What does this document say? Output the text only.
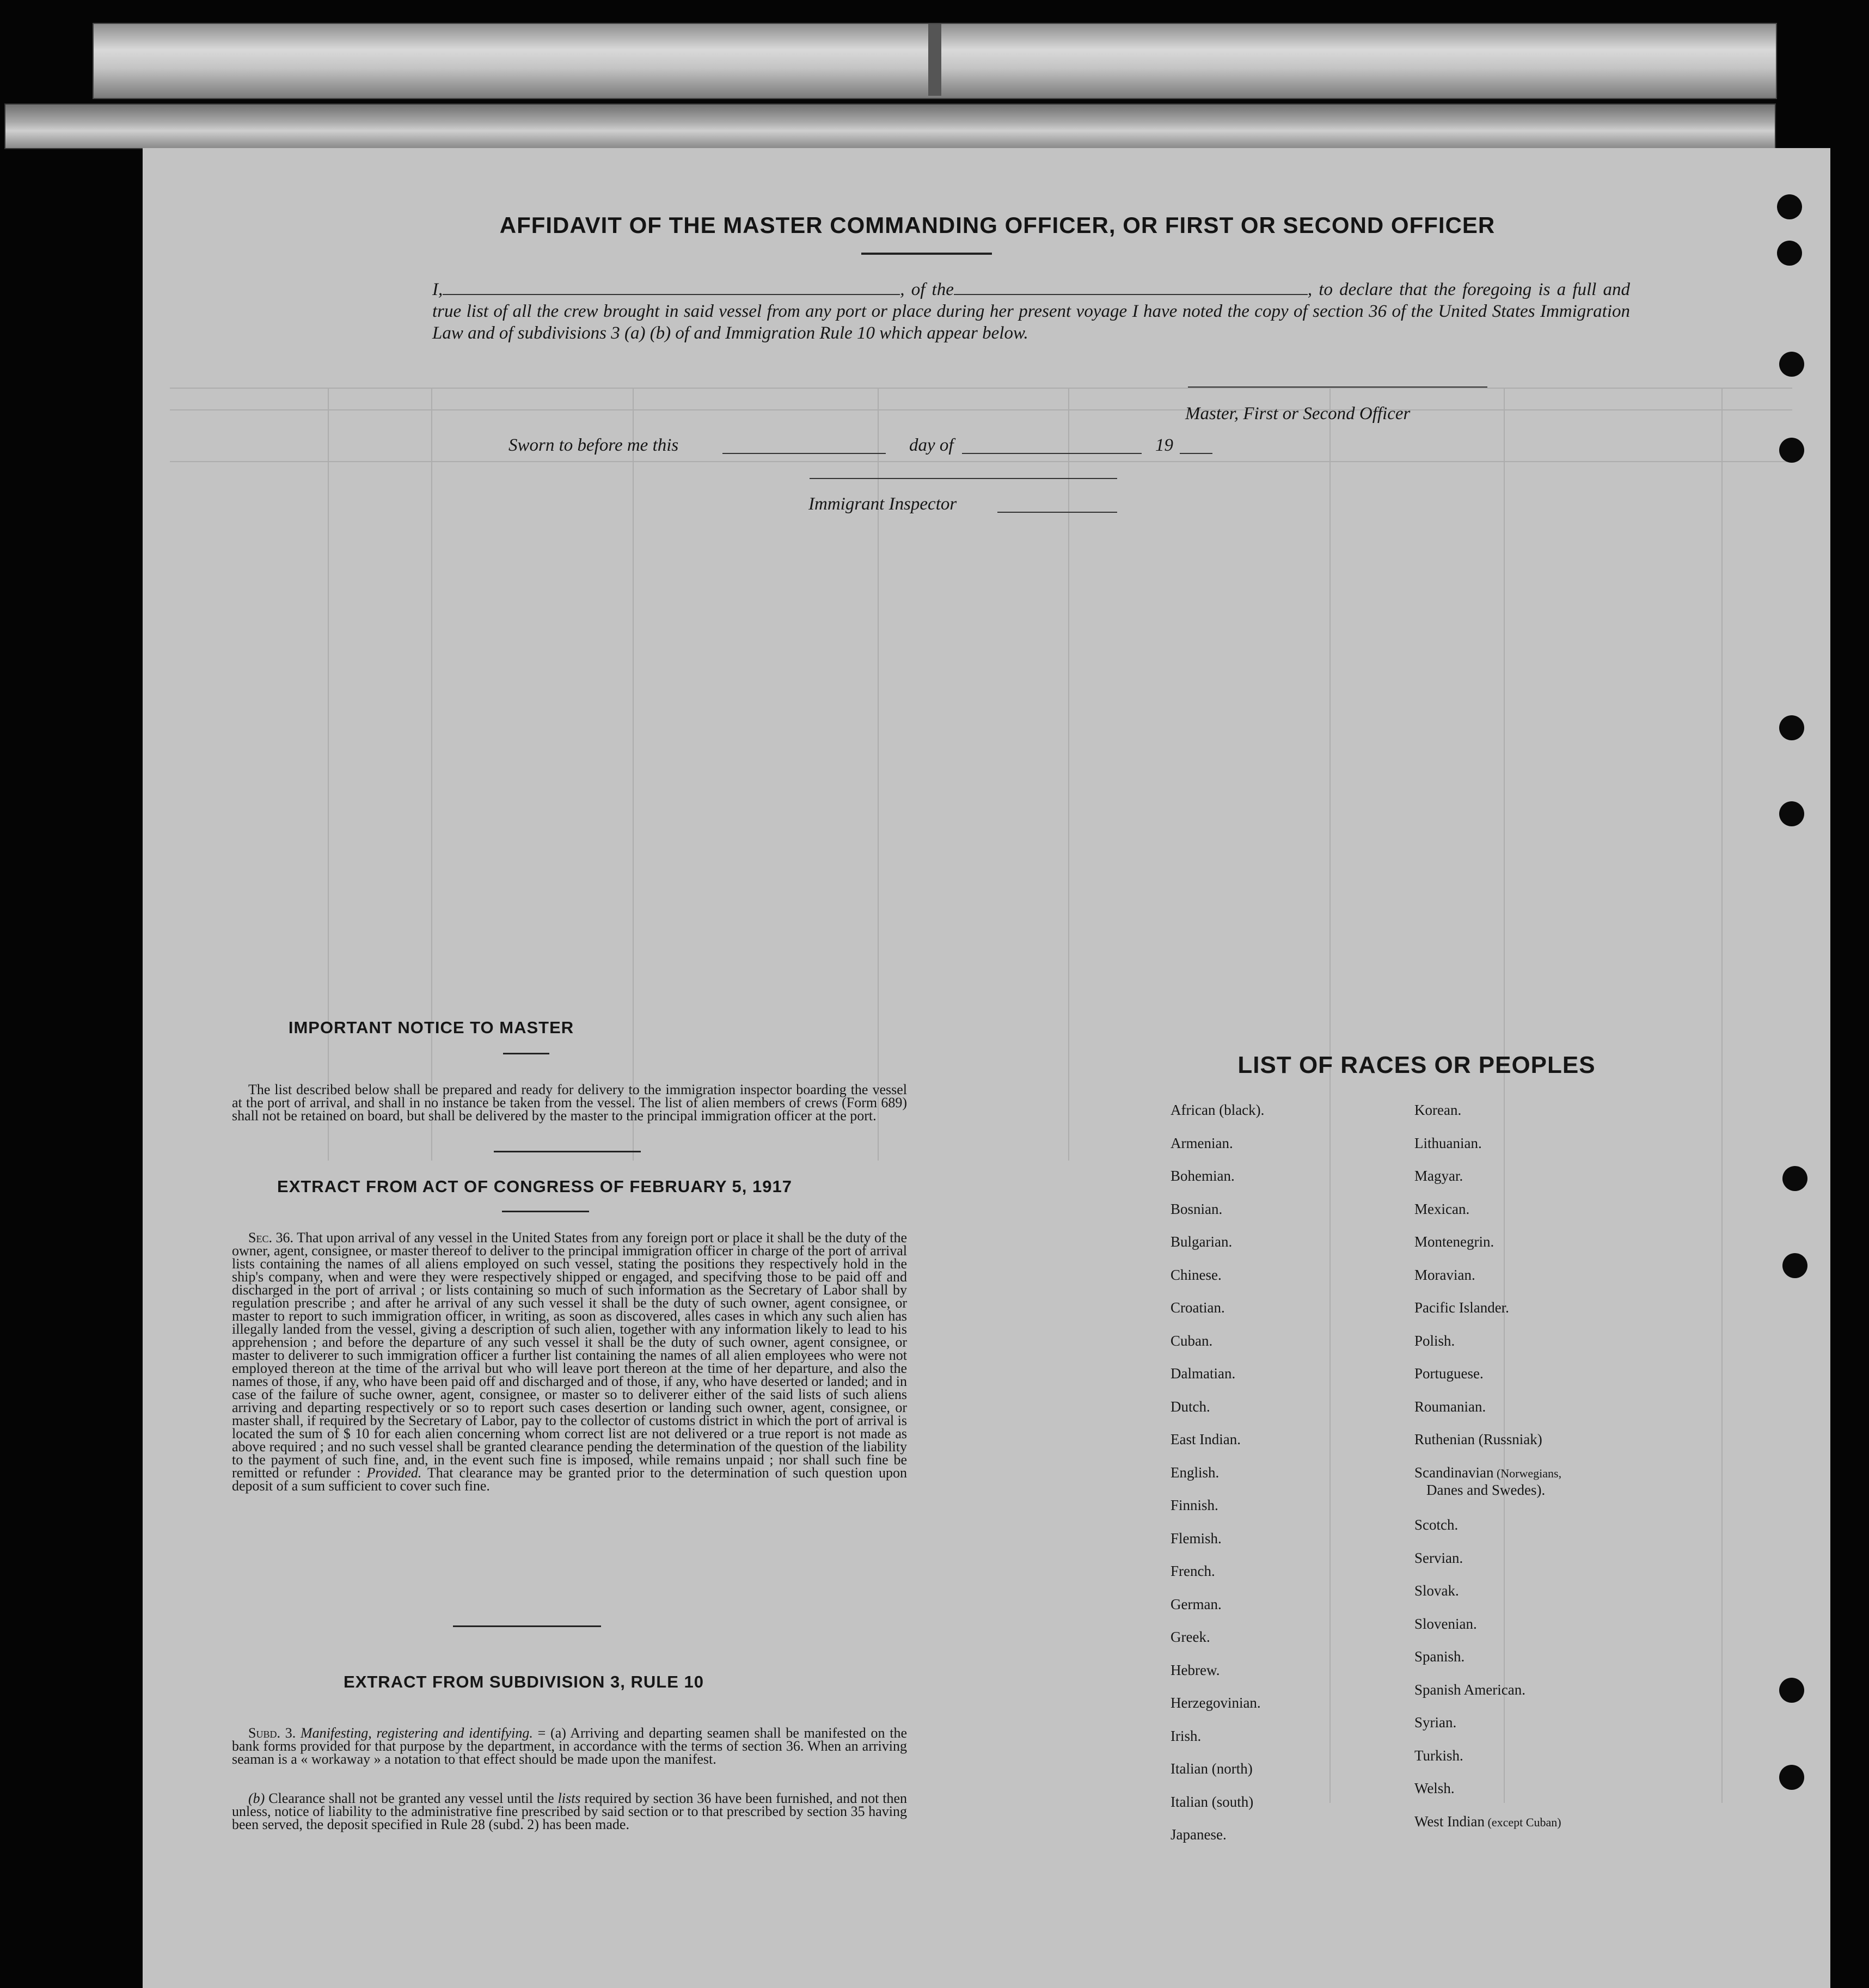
AFFIDAVIT OF THE MASTER COMMANDING OFFICER, OR FIRST OR SECOND OFFICER
I,	, of the	, to declare that the foregoing is a full and true list of all the crew brought in said vessel from any port or place during her present voyage I have noted the copy of section 36 of the United States Immigration Law and of subdivisions 3 (a) (b) of and Immigration Rule 10 which appear below.
Master, First or Second Officer
Sworn to before me this	day of	19
Immigrant Inspector
IMPORTANT NOTICE TO MASTER
The list described below shall be prepared and ready for delivery to the immigration inspector boarding the vessel at the port of arrival, and shall in no instance be taken from the vessel. The list of alien members of crews (Form 689) shall not be retained on board, but shall be delivered by the master to the principal immigration officer at the port.
EXTRACT FROM ACT OF CONGRESS OF FEBRUARY 5, 1917
Sec. 36. That upon arrival of any vessel in the United States from any foreign port or place it shall be the duty of the owner, agent, consignee, or master thereof to deliver to the principal immigration officer in charge of the port of arrival lists containing the names of all aliens employed on such vessel, stating the positions they respectively hold in the ship's company, when and were they were respectively shipped or engaged, and specifving those to be paid off and discharged in the port of arrival ; or lists containing so much of such information as the Secretary of Labor shall by regulation prescribe ; and after he arrival of any such vessel it shall be the duty of such owner, agent consignee, or master to report to such immigration officer, in writing, as soon as discovered, alles cases in which any such alien has illegally landed from the vessel, giving a description of such alien, together with any information likely to lead to his apprehension ; and before the departure of any such vessel it shall be the duty of such owner, agent consignee, or master to deliverer to such immigration officer a further list containing the names of all alien employees who were not employed thereon at the time of the arrival but who will leave port thereon at the time of her departure, and also the names of those, if any, who have been paid off and discharged and of those, if any, who have deserted or landed; and in case of the failure of suche owner, agent, consignee, or master so to deliverer either of the said lists of such aliens arriving and departing respectively or so to report such cases desertion or landing such owner, agent, consignee, or master shall, if required by the Secretary of Labor, pay to the collector of customs district in which the port of arrival is located the sum of $ 10 for each alien concerning whom correct list are not delivered or a true report is not made as above required ; and no such vessel shall be granted clearance pending the determination of the question of the liability to the payment of such fine, and, in the event such fine is imposed, while remains unpaid ; nor shall such fine be remitted or refunder : Provided. That clearance may be granted prior to the determination of such question upon deposit of a sum sufficient to cover such fine.
EXTRACT FROM SUBDIVISION 3, RULE 10
Subd. 3. Manifesting, registering and identifying. = (a) Arriving and departing seamen shall be manifested on the bank forms provided for that purpose by the department, in accordance with the terms of section 36. When an arriving seaman is a « workaway » a notation to that effect should be made upon the manifest.
(b) Clearance shall not be granted any vessel until the lists required by section 36 have been furnished, and not then unless, notice of liability to the administrative fine prescribed by said section or to that prescribed by section 35 having been served, the deposit specified in Rule 28 (subd. 2) has been made.
LIST OF RACES OR PEOPLES
African (black).
Armenian.
Bohemian.
Bosnian.
Bulgarian.
Chinese.
Croatian.
Cuban.
Dalmatian.
Dutch.
East Indian.
English.
Finnish.
Flemish.
French.
German.
Greek.
Hebrew.
Herzegovinian.
Irish.
Italian (north)
Italian (south)
Japanese.
Korean.
Lithuanian.
Magyar.
Mexican.
Montenegrin.
Moravian.
Pacific Islander.
Polish.
Portuguese.
Roumanian.
Ruthenian (Russniak)
Scandinavian (Norwegians,
Danes and Swedes).
Scotch.
Servian.
Slovak.
Slovenian.
Spanish.
Spanish American.
Syrian.
Turkish.
Welsh.
West Indian (except Cuban)
